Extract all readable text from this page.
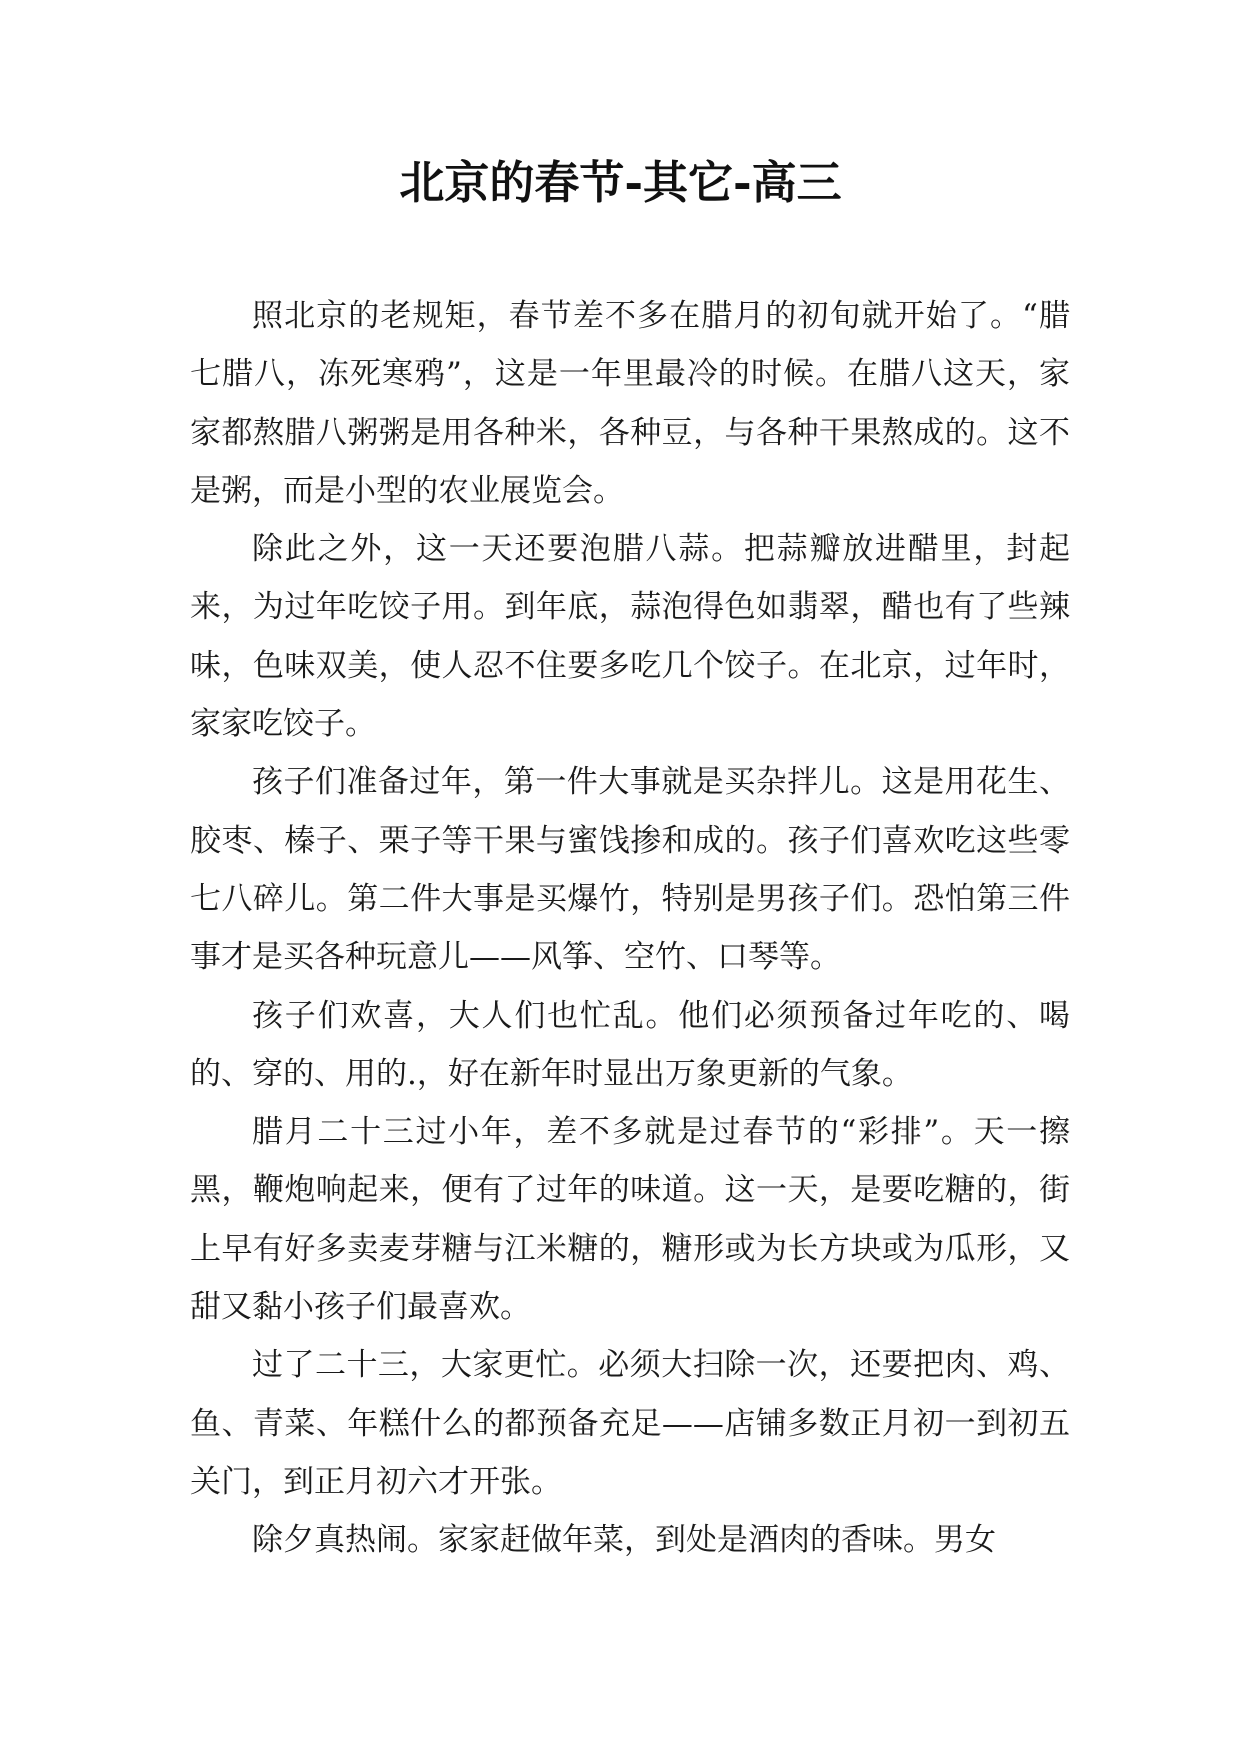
北京的春节-其它-高三

照北京的老规矩，春节差不多在腊月的初旬就开始了。“腊七腊八，冻死寒鸦”，这是一年里最冷的时候。在腊八这天，家家都熬腊八粥粥是用各种米，各种豆，与各种干果熬成的。这不是粥，而是小型的农业展览会。

除此之外，这一天还要泡腊八蒜。把蒜瓣放进醋里，封起来，为过年吃饺子用。到年底，蒜泡得色如翡翠，醋也有了些辣味，色味双美，使人忍不住要多吃几个饺子。在北京，过年时，家家吃饺子。

孩子们准备过年，第一件大事就是买杂拌儿。这是用花生、胶枣、榛子、栗子等干果与蜜饯掺和成的。孩子们喜欢吃这些零七八碎儿。第二件大事是买爆竹，特别是男孩子们。恐怕第三件事才是买各种玩意儿——风筝、空竹、口琴等。

孩子们欢喜，大人们也忙乱。他们必须预备过年吃的、喝的、穿的、用的.，好在新年时显出万象更新的气象。

腊月二十三过小年，差不多就是过春节的“彩排”。天一擦黑，鞭炮响起来，便有了过年的味道。这一天，是要吃糖的，街上早有好多卖麦芽糖与江米糖的，糖形或为长方块或为瓜形，又甜又黏小孩子们最喜欢。

过了二十三，大家更忙。必须大扫除一次，还要把肉、鸡、鱼、青菜、年糕什么的都预备充足——店铺多数正月初一到初五关门，到正月初六才开张。

除夕真热闹。家家赶做年菜，到处是酒肉的香味。男女
